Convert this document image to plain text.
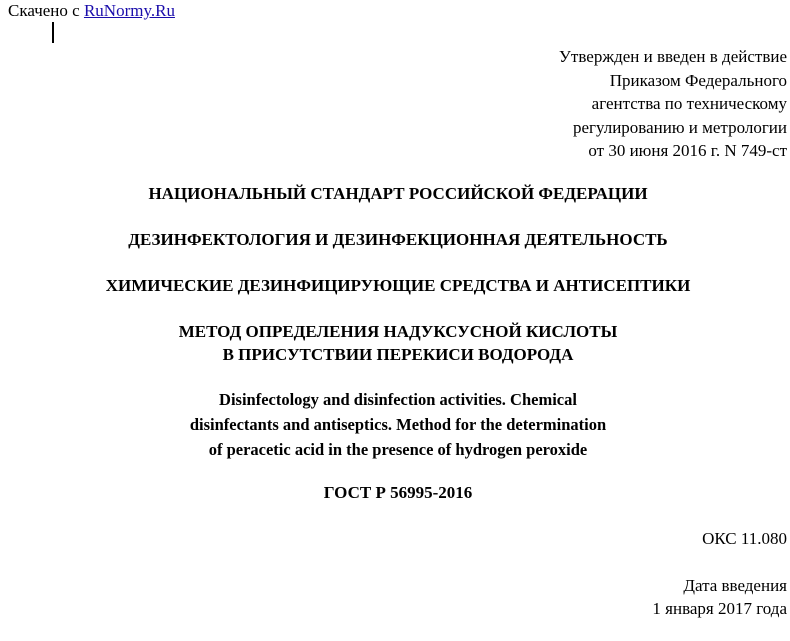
Скачено с RuNormy.Ru
Утвержден и введен в действие
Приказом Федерального
агентства по техническому
регулированию и метрологии
от 30 июня 2016 г. N 749-ст
НАЦИОНАЛЬНЫЙ СТАНДАРТ РОССИЙСКОЙ ФЕДЕРАЦИИ
ДЕЗИНФЕКТОЛОГИЯ И ДЕЗИНФЕКЦИОННАЯ ДЕЯТЕЛЬНОСТЬ
ХИМИЧЕСКИЕ ДЕЗИНФИЦИРУЮЩИЕ СРЕДСТВА И АНТИСЕПТИКИ
МЕТОД ОПРЕДЕЛЕНИЯ НАДУКСУСНОЙ КИСЛОТЫ
В ПРИСУТСТВИИ ПЕРЕКИСИ ВОДОРОДА
Disinfectology and disinfection activities. Chemical
disinfectants and antiseptics. Method for the determination
of peracetic acid in the presence of hydrogen peroxide
ГОСТ Р 56995-2016
ОКС 11.080
Дата введения
1 января 2017 года
